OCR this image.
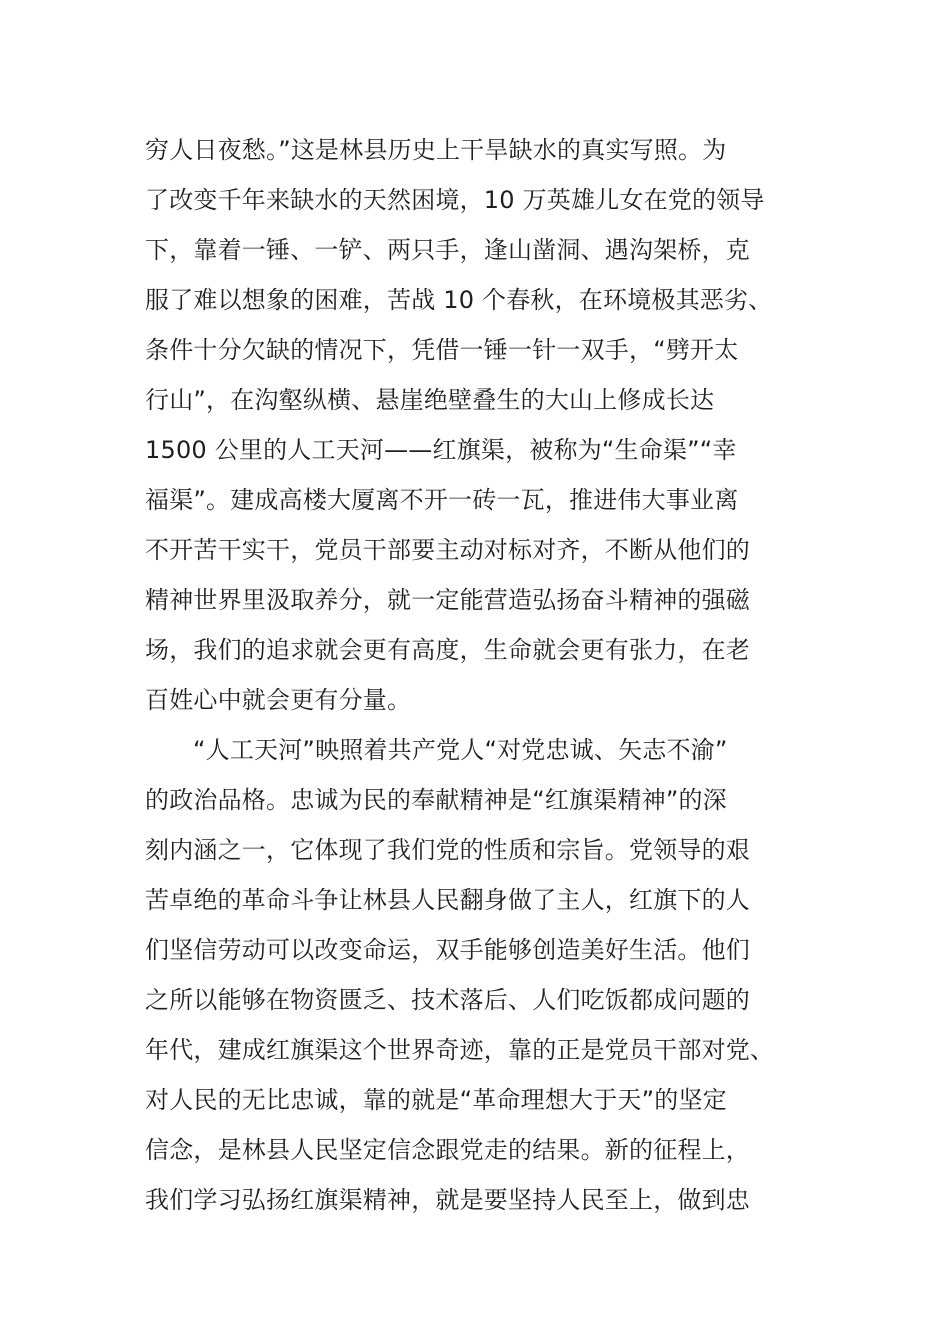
穷人日夜愁。”这是林县历史上干旱缺水的真实写照。为
了改变千年来缺水的天然困境，10 万英雄儿女在党的领导
下，靠着一锤、一铲、两只手，逢山凿洞、遇沟架桥，克
服了难以想象的困难，苦战 10 个春秋，在环境极其恶劣、
条件十分欠缺的情况下，凭借一锤一针一双手，“劈开太
行山”，在沟壑纵横、悬崖绝壁叠生的大山上修成长达
1500 公里的人工天河——红旗渠，被称为“生命渠”“幸
福渠”。建成高楼大厦离不开一砖一瓦，推进伟大事业离
不开苦干实干，党员干部要主动对标对齐，不断从他们的
精神世界里汲取养分，就一定能营造弘扬奋斗精神的强磁
场，我们的追求就会更有高度，生命就会更有张力，在老
百姓心中就会更有分量。
“人工天河”映照着共产党人“对党忠诚、矢志不渝”
的政治品格。忠诚为民的奉献精神是“红旗渠精神”的深
刻内涵之一，它体现了我们党的性质和宗旨。党领导的艰
苦卓绝的革命斗争让林县人民翻身做了主人，红旗下的人
们坚信劳动可以改变命运，双手能够创造美好生活。他们
之所以能够在物资匮乏、技术落后、人们吃饭都成问题的
年代，建成红旗渠这个世界奇迹，靠的正是党员干部对党、
对人民的无比忠诚，靠的就是“革命理想大于天”的坚定
信念，是林县人民坚定信念跟党走的结果。新的征程上，
我们学习弘扬红旗渠精神，就是要坚持人民至上，做到忠
